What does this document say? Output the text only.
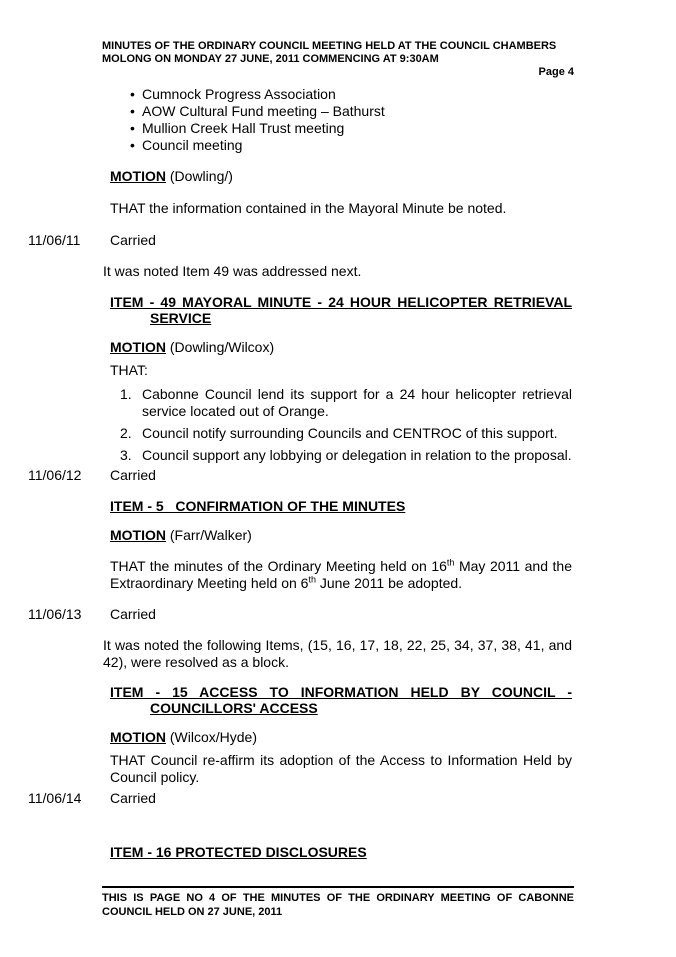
MINUTES OF THE ORDINARY COUNCIL MEETING HELD AT THE COUNCIL CHAMBERS
MOLONG ON MONDAY 27 JUNE, 2011 COMMENCING AT 9:30AM
Page 4
• Cumnock Progress Association
• AOW Cultural Fund meeting – Bathurst
• Mullion Creek Hall Trust meeting
• Council meeting
MOTION (Dowling/)
THAT the information contained in the Mayoral Minute be noted.
11/06/11	Carried
It was noted Item 49 was addressed next.
ITEM - 49 MAYORAL MINUTE - 24 HOUR HELICOPTER RETRIEVAL
SERVICE
MOTION (Dowling/Wilcox)
THAT:
1. Cabonne Council lend its support for a 24 hour helicopter retrieval service located out of Orange.
2. Council notify surrounding Councils and CENTROC of this support.
3. Council support any lobbying or delegation in relation to the proposal.
11/06/12	Carried
ITEM - 5   CONFIRMATION OF THE MINUTES
MOTION (Farr/Walker)
THAT the minutes of the Ordinary Meeting held on 16th May 2011 and the Extraordinary Meeting held on 6th June 2011 be adopted.
11/06/13	Carried
It was noted the following Items, (15, 16, 17, 18, 22, 25, 34, 37, 38, 41, and 42), were resolved as a block.
ITEM - 15 ACCESS TO INFORMATION HELD BY COUNCIL -
COUNCILLORS' ACCESS
MOTION (Wilcox/Hyde)
THAT Council re-affirm its adoption of the Access to Information Held by Council policy.
11/06/14	Carried
ITEM - 16 PROTECTED DISCLOSURES
THIS IS PAGE NO 4 OF THE MINUTES OF THE ORDINARY MEETING OF CABONNE
COUNCIL HELD ON 27 JUNE, 2011
